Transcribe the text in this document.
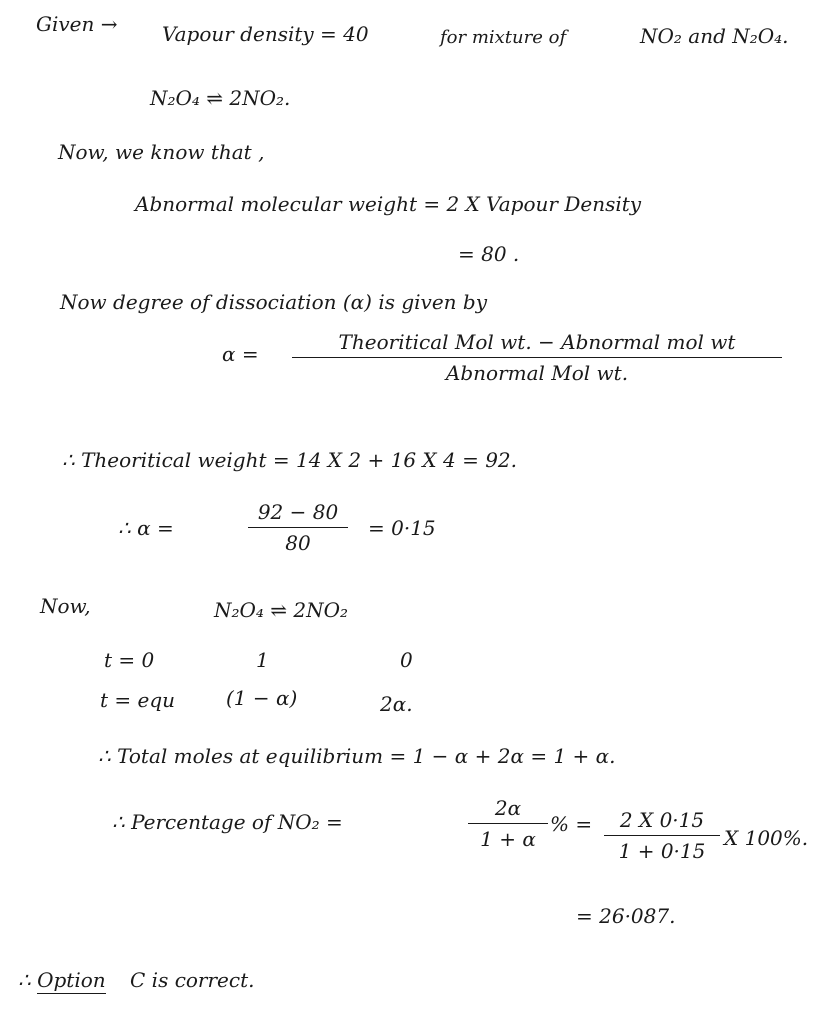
Given → Vapour density = 40	for mixture of	NO₂ and N₂O₄.
N₂O₄ ⇌ 2NO₂.
Now, we know that ,
Abnormal molecular weight = 2 X Vapour Density
= 80 .
Now degree of dissociation (α) is given by
α =	Theoritical Mol wt. − Abnormal mol wt
Abnormal Mol wt.
∴ Theoritical weight = 14 X 2 + 16 X 4 = 92.
∴ α =
92 − 80
80
= 0·15
Now,	N₂O₄ ⇌ 2NO₂
t = 0	1	0
t = equ	(1 − α)	2α.
∴ Total moles at equilibrium = 1 − α + 2α = 1 + α.
∴ Percentage of NO₂ =
2α
1 + α
% =	2 X 0·15
1 + 0·15
X 100%.
= 26·087.
∴ Option C is correct.
